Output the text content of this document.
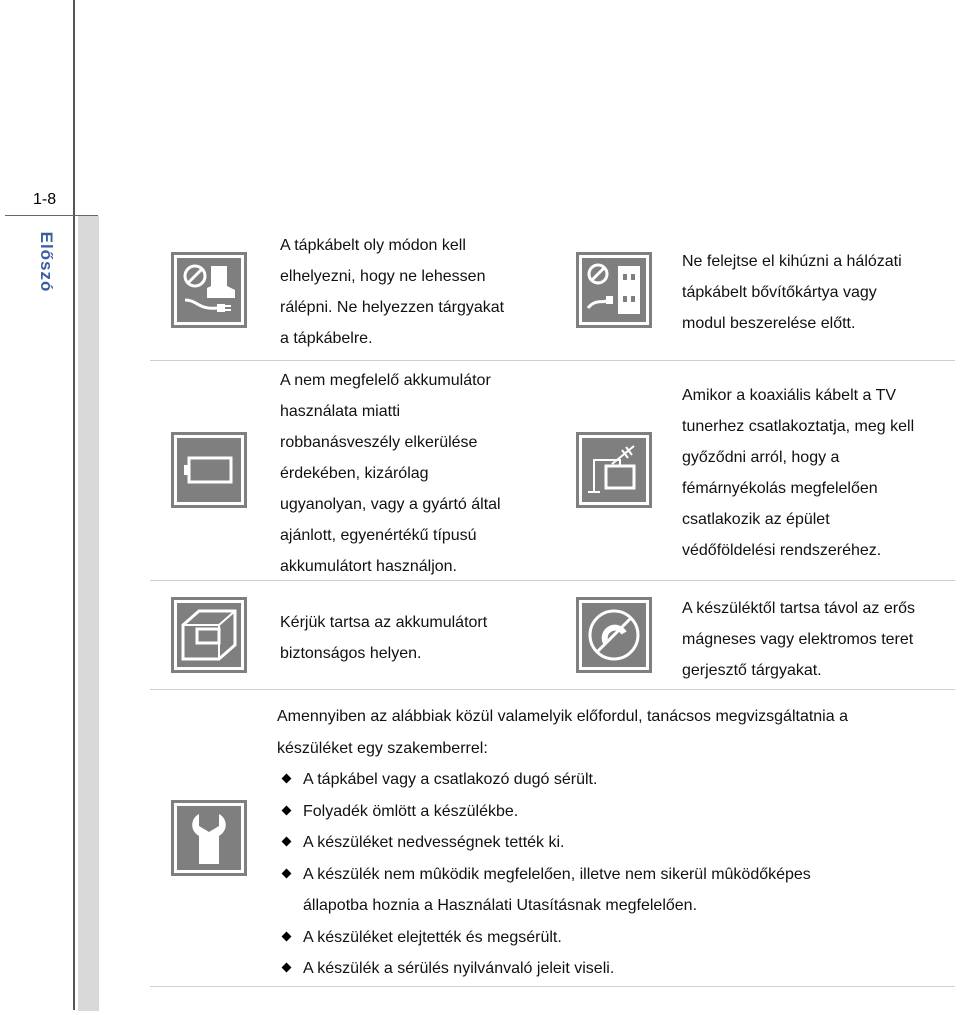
1-8
Előszó	A tápkábelt oly módon kell

elhelyezni, hogy ne lehessen

rálépni. Ne helyezzen tárgyakat

a tápkábelre.

Ne felejtse el kihúzni a hálózati

tápkábelt bővítőkártya vagy

modul beszerelése előtt.

A nem megfelelő akkumulátor

használata miatti

robbanásveszély elkerülése

érdekében, kizárólag

ugyanolyan, vagy a gyártó által

ajánlott, egyenértékű típusú

akkumulátort használjon.

Amikor a koaxiális kábelt a TV

tunerhez csatlakoztatja, meg kell

győződni arról, hogy a

fémárnyékolás megfelelően

csatlakozik az épület

védőföldelési rendszeréhez.

Kérjük tartsa az akkumulátort

biztonságos helyen.

A készüléktől tartsa távol az erős

mágneses vagy elektromos teret

gerjesztő tárgyakat.

Amennyiben az alábbiak közül valamelyik előfordul, tanácsos megvizsgáltatnia a

készüléket egy szakemberrel:

A tápkábel vagy a csatlakozó dugó sérült.
Folyadék ömlött a készülékbe.
A készüléket nedvességnek tették ki.
A készülék nem mûködik megfelelően, illetve nem sikerül mûködőképes
állapotba hoznia a Használati Utasításnak megfelelően.
A készüléket elejtették és megsérült.
A készülék a sérülés nyilvánvaló jeleit viseli.
